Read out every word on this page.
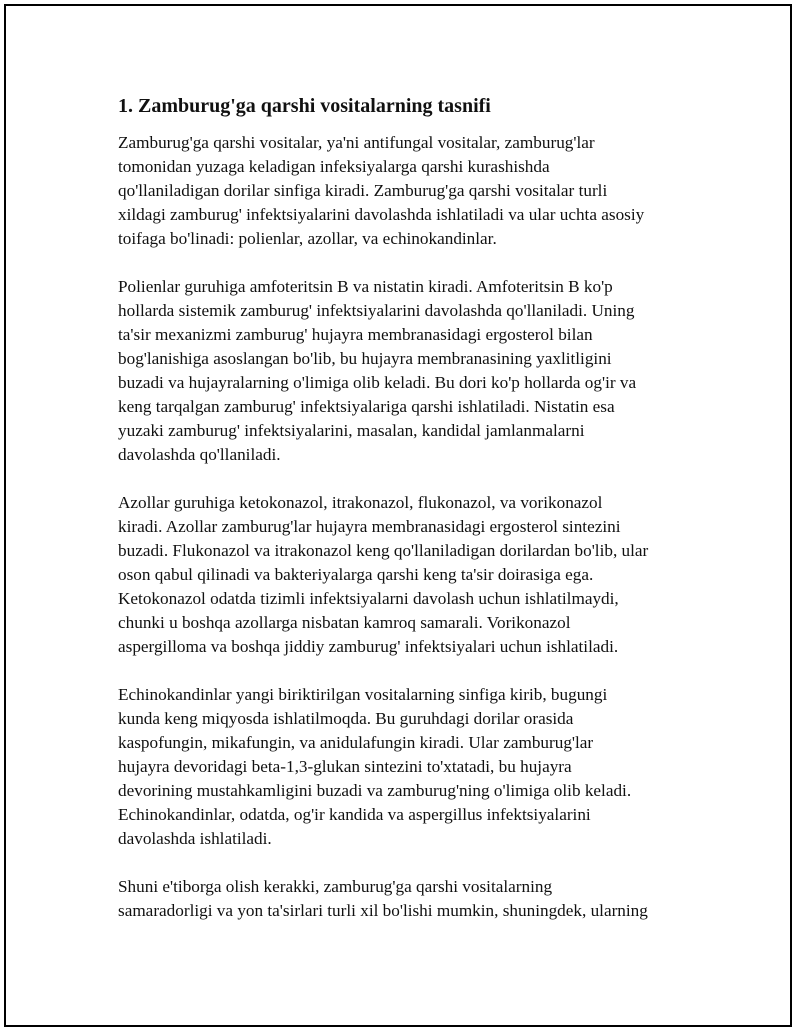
1. Zamburug'ga qarshi vositalarning tasnifi

Zamburug'ga qarshi vositalar, ya'ni antifungal vositalar, zamburug'lar
tomonidan yuzaga keladigan infeksiyalarga qarshi kurashishda
qo'llaniladigan dorilar sinfiga kiradi. Zamburug'ga qarshi vositalar turli
xildagi zamburug' infektsiyalarini davolashda ishlatiladi va ular uchta asosiy
toifaga bo'linadi: polienlar, azollar, va echinokandinlar.

Polienlar guruhiga amfoteritsin B va nistatin kiradi. Amfoteritsin B ko'p
hollarda sistemik zamburug' infektsiyalarini davolashda qo'llaniladi. Uning
ta'sir mexanizmi zamburug' hujayra membranasidagi ergosterol bilan
bog'lanishiga asoslangan bo'lib, bu hujayra membranasining yaxlitligini
buzadi va hujayralarning o'limiga olib keladi. Bu dori ko'p hollarda og'ir va
keng tarqalgan zamburug' infektsiyalariga qarshi ishlatiladi. Nistatin esa
yuzaki zamburug' infektsiyalarini, masalan, kandidal jamlanmalarni
davolashda qo'llaniladi.

Azollar guruhiga ketokonazol, itrakonazol, flukonazol, va vorikonazol
kiradi. Azollar zamburug'lar hujayra membranasidagi ergosterol sintezini
buzadi. Flukonazol va itrakonazol keng qo'llaniladigan dorilardan bo'lib, ular
oson qabul qilinadi va bakteriyalarga qarshi keng ta'sir doirasiga ega.
Ketokonazol odatda tizimli infektsiyalarni davolash uchun ishlatilmaydi,
chunki u boshqa azollarga nisbatan kamroq samarali. Vorikonazol
aspergilloma va boshqa jiddiy zamburug' infektsiyalari uchun ishlatiladi.

Echinokandinlar yangi biriktirilgan vositalarning sinfiga kirib, bugungi
kunda keng miqyosda ishlatilmoqda. Bu guruhdagi dorilar orasida
kaspofungin, mikafungin, va anidulafungin kiradi. Ular zamburug'lar
hujayra devoridagi beta-1,3-glukan sintezini to'xtatadi, bu hujayra
devorining mustahkamligini buzadi va zamburug'ning o'limiga olib keladi.
Echinokandinlar, odatda, og'ir kandida va aspergillus infektsiyalarini
davolashda ishlatiladi.

Shuni e'tiborga olish kerakki, zamburug'ga qarshi vositalarning
samaradorligi va yon ta'sirlari turli xil bo'lishi mumkin, shuningdek, ularning
